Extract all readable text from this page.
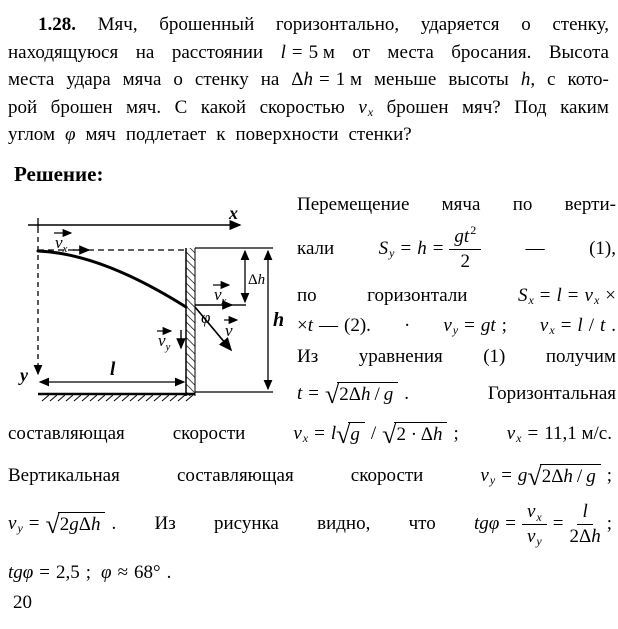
1.28. Мяч, брошенный горизонтально, ударяется о стенку,
находящуюся на расстоянии l = 5 м от места бросания. Высота
места удара мяча о стенку на Δ h = 1 м меньше высоты h , с кото-
рой брошен мяч. С какой скоростью v x брошен мяч? Под каким
углом φ мяч подлетает к поверхности стенки?
Решение:
x
y
$v_x$
Δh
$v_x$
φ
v
$v_y$
l
h
Перемещение мяча по верти-
кали S $y = h = \frac{gt 2}{2}$ — (1),
по	горизонтали	S x = l = v x ×
× t — (2). · v y = gt ; v x = l / t .
Из уравнения (1) получим
t = √ 2Δ h / g .	Горизонтальная
составляющая	скорости	v x = l √ g / √ 2 · Δ h ;	v x = 11,1 м/с.
Вертикальная	составляющая	скорости	v y = g √ 2Δ h / g ;
v y = √ 2 g Δ h . Из рисунка видно, что $tg\varphi = \frac{\text{v x}}{\text{v y}} = \frac{l}{\text{2Δ h}}$ ;
tgφ = 2,5 ; φ ≈ 68° .
20
